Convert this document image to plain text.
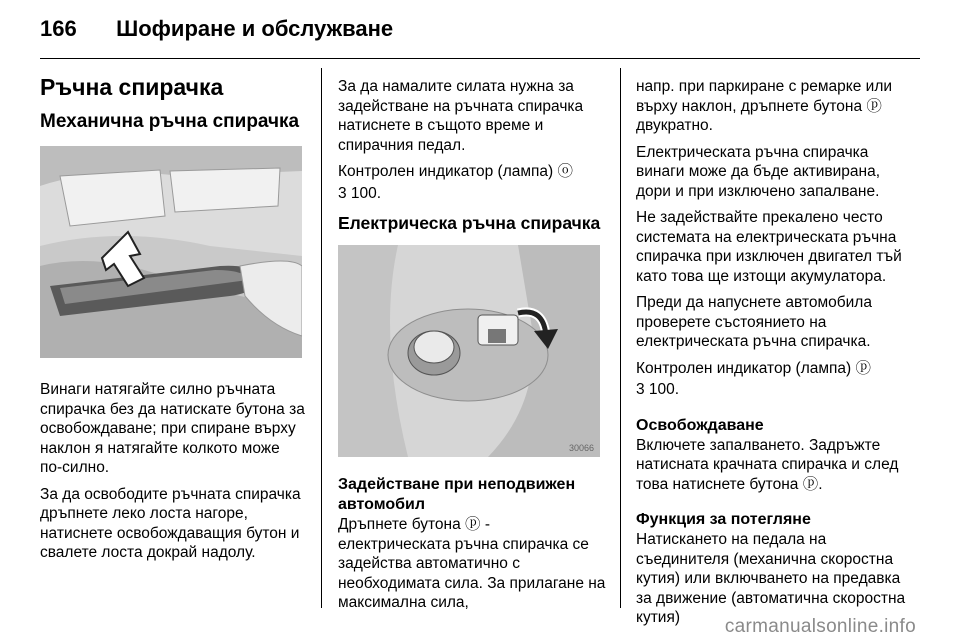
166 Шофиране и обслужване
Ръчна спирачка
Механична ръчна спирачка

Винаги натягайте силно ръчната спирачка без да натискате бутона за освобождаване; при спиране върху наклон я натягайте колкото може по-силно.

За да освободите ръчната спирачка дръпнете леко лоста нагоре, натиснете освобождаващия бутон и свалете лоста докрай надолу.

За да намалите силата нужна за задействане на ръчната спирачка натиснете в същото време и спирачния педал.

Контролен индикатор (лампа) ⓞ

3 100.

Електрическа ръчна спирачка
30066
Задействане при неподвижен автомобил

Дръпнете бутона ⓟ - електрическата ръчна спирачка се задейства автоматично с необходимата сила. За прилагане на максимална сила,

напр. при паркиране с ремарке или върху наклон, дръпнете бутона ⓟ двукратно.

Електрическата ръчна спирачка винаги може да бъде активирана, дори и при изключено запалване.

Не задействайте прекалено често системата на електрическата ръчна спирачка при изключен двигател тъй като това ще изтощи акумулатора.

Преди да напуснете автомобила проверете състоянието на електрическата ръчна спирачка.

Контролен индикатор (лампа) ⓟ

3 100.

Освобождаване

Включете запалването. Задръжте натисната крачната спирачка и след това натиснете бутона ⓟ.

Функция за потегляне

Натискането на педала на съединителя (механична скоростна кутия) или включването на предавка за движение (автоматична скоростна кутия)	carmanualsonline.info
